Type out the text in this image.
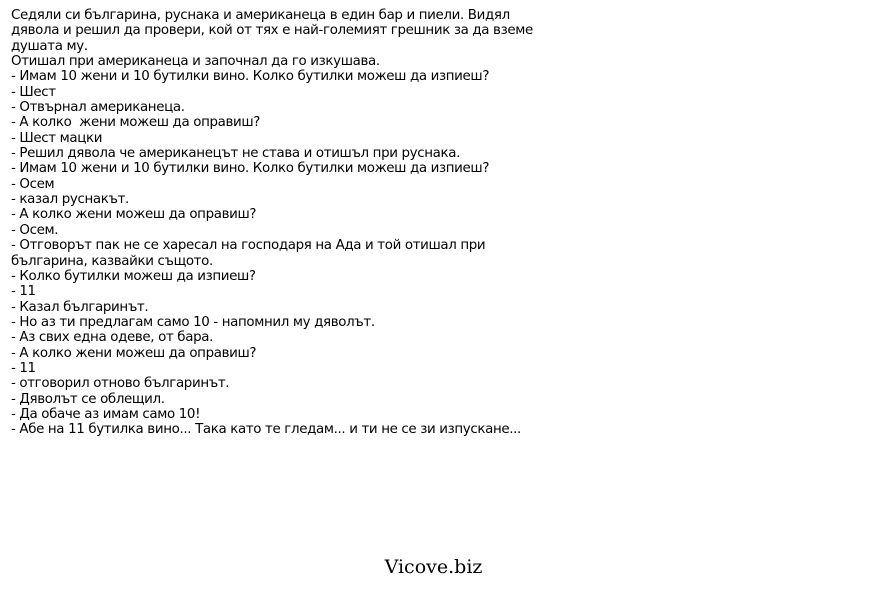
Седяли си българина, руснака и американеца в един бар и пиели. Видял
дявола и решил да провери, кой от тях е най-големият грешник за да вземе
душата му.
Отишал при американеца и започнал да го изкушава.
- Имам 10 жени и 10 бутилки вино. Колко бутилки можеш да изпиеш?
- Шест
- Отвърнал американеца.
- А колко  жени можеш да оправиш?
- Шест мацки
- Решил дявола че американецът не става и отишъл при руснака.
- Имам 10 жени и 10 бутилки вино. Колко бутилки можеш да изпиеш?
- Осем
- казал руснакът.
- А колко жени можеш да оправиш?
- Осем.
- Отговорът пак не се харесал на господаря на Ада и той отишал при
българина, казвайки същото.
- Колко бутилки можеш да изпиеш?
- 11
- Казал българинът.
- Но аз ти предлагам само 10 - напомнил му дяволът.
- Аз свих една одеве, от бара.
- А колко жени можеш да оправиш?
- 11
- отговорил отново българинът.
- Дяволът се облещил.
- Да обаче аз имам само 10!
- Абе на 11 бутилка вино... Така като те гледам... и ти не се зи изпускане...
Vicove.biz
